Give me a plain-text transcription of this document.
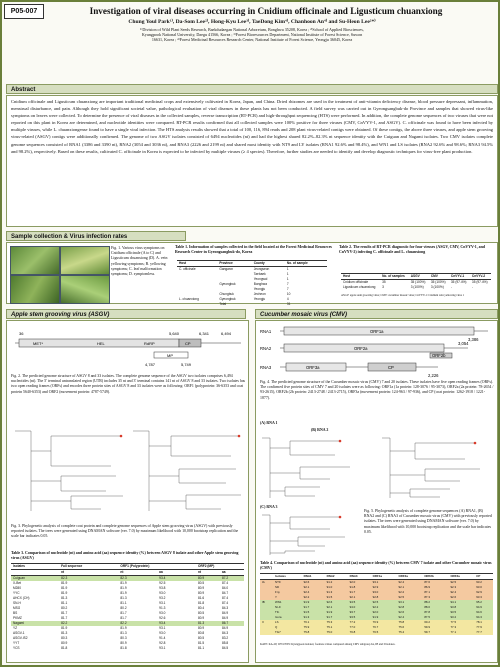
P05-007	Investigation of viral diseases occurring in Cnidium officinale and Ligusticum chuanxiong
Chung Youl Park¹⁾, Da-Som Lee²⁾, Hong-Kyu Lee³⁾, TaeDong Kim⁴⁾, Chanhoon An⁴⁾ and Su-Heon Lee²*⁾
¹⁾Division of Wild Plant Seeds Research, Baekdudaegan National Arboretum, Bonghwa 35208, Korea ; ²⁾School of Applied Biosciences,
Kyungpook National University, Daegu 41566, Korea ; ³⁾Forest Bioresources Department, National Institute of Forest Science, Suwon
16631, Korea ; ⁴⁾Forest Medicinal Resources Research Center, National Institute of Forest Science, Yeongju 36045, Korea
Abstract
Cnidium officinale and Ligusticum chuanxiong are important traditional medicinal crops and extensively cultivated in Korea, Japan, and China. Dried rhizomes are used in the treatment of anti-vitamin deficiency disease, blood pressure depressant, inflammation, menstrual disturbance, and pain. Although they hold significant societal value, pathological evaluation of viral diseases in these plants has not been conducted. A field survey was carried out in Gyeongsangbuk-do Province and samples that showed virus-like symptoms on leaves were collected. To determine the presence of viral diseases in the collected samples, reverse transcription (RT-PCR) and high-throughput sequencing (HTS) were performed. In addition, the complete genome sequences of two viruses that were not reported on this plant in Korea are determined, and nucleotide identities were compared. RT-PCR results confirmed that all collected samples were 100% positive for three viruses (CMV, CnVYV-1, and ASGV). C. officinale was found to have been infected by multiple viruses, while L. chuanxiongense found to have a single viral infection. The HTS analysis results showed that a total of 100, 116, 894 reads and 208 plant virus-related contigs were obtained. Of these contigs, the above three viruses, and apple stem grooving virus-related (ASGV) contigs were additionally confirmed. The genome of two ASGV isolates consisted of 6494 nucleotides (nt) and had the highest shared 82.2%–82.3% nt sequence identity with the Cuiguan and Nagami isolates. Two CMV isolates complete genome sequences consisted of RNA1 (3386 and 3390 nt), RNA2 (3054 and 3036 nt), and RNA3 (2226 and 2199 nt) and shared most identity with NT9 and LY isolates (RNA1 92.6% and 98.4%), and WN1 and LS isolates (RNA2 92.6% and 98.6%; RNA3 94.5% and 98.2%), respectively. Based on these results, cultivated C. officinale in Korea is expected to be infected by multiple viruses (≥ 4 species). Therefore, further studies are needed to identify and develop diagnostic techniques for virus-free plant production.
Sample collection & Virus infection rates
Fig. 1. Various virus symptoms on Cnidium officinale (A to C) and Ligusticum chuanxiong (D). A. vein yellowing symptoms; B. yellowing symptoms; C. leaf malformation symptoms; D. symptomless.
Table 1. Information of samples collected in the field located at the Forest Medicinal Resources Research Center in Gyeongsangbuk-do, Korea
Host	Province	County	No. of sample
C. officinale	Gangwon	Jeongseon	1
		Taebaek	1
		Yeongwol	1
	Gyeongbuk	Bonghwa	7
		Yeongju	7
	Chungbuk	Jecheon	10
L. chuanxiong	Gyeongbuk	Yeongju	4
	Total		31
Table 2. The results of RT-PCR diagnostic for four viruses (ASGV, CMV, CnVYV-1, and CnVYV-2) infecting C. officinale and L. chuanxiong
Host	No. of samples	ASGV	CMV	CnVYV-1	CnVYV-2
Cnidium officinale	35	35 (100%)	35 (100%)	35 (97.4%)	35 (97.4%)
Ligusticum chuanxiong	3	3 (100%)	3 (100%)	-	-
ASGV: apple stem grooving virus; CMV: cucumber mosaic virus; CnVYV-1: Cnidium vein yellowing virus 1
Apple stem grooving virus (ASGV)
36	5,640	6,494
6,341
MET*	HEL	RdRP	CP
MP
4,787	5,749
Fig. 2. The predicted genome structure of ASGV 8 and 33 isolates. The complete genome sequence of the ASGV two isolates comprises 6,494 nucleotides (nt). The 5′ terminal untranslated region (UTR) includes 35 nt and 3′ terminal contains 141 nt of ASGV 8 and 33 isolates. Two isolates has two open reading frames (ORFs) and encodes three protein sites of ASGV 8 and 33 isolates were as following: ORF1 (polyprotein: 36-6353 and coat protein 5640-6353) and ORF2 (movement protein: 4787-5749).
Fig. 3. Phylogenetic analysis of complete coat protein and complete genome sequences of Apple stem grooving virus (ASGV) with previously reported isolates. The trees were generated using DNAMAN software (ver. 7.0) by maximum likelihood with 10,000 bootstrap replication and the scale bar indicates 0.05.
Table 3. Comparison of nucleotide (nt) and amino acid (aa) sequence identity (%) between ASGV 8 isolate and other Apple stem grooving virus (ASGV)
Isolates	Full sequence	ORF1 (Polyprotein)		ORF2 (MP)	
	nt	nt	aa	nt	aa
Cuiguan	82.3	82.3	93.4	80.9	87.2
X-Bet	81.9	81.9	92.5	80.5	87.4
M280	81.9	81.9	93.8	80.9	84.0
YYC	81.9	81.9	93.0	80.9	84.7
AHCX (CH)	81.3	81.3	93.2	81.6	87.4
SN-H	81.1	81.1	93.1	81.8	87.4
MSG	80.2	80.2	91.3	80.4	84.3
BS	81.7	81.7	93.0	80.5	84.9
PKMZ	81.7	81.7	92.6	80.9	84.9
Nagami	82.2	82.2	93.4	81.3	86.7
YZ	81.9	81.9	93.1	80.9	84.9
ASGV-1	81.3	81.3	93.0	80.8	84.3
ASGV-IS2	80.3	80.3	91.4	80.5	83.2
YYT	80.9	80.9	92.8	81.5	85.8
YCS	81.8	81.8	93.1	81.1	84.5
Cucumber mosaic virus (CMV)
RNA1	ORF1a
3,386
RNA2	ORF2a
ORF2b
3,054
RNA3	ORF3a	CP
2,226
Fig. 4. The predicted genome structure of the Cucumber mosaic virus (CMV) 7 and 20 isolates. These isolates have five open reading frames (ORFs). The confirmed five protein sites of CMV 7 and 20 isolates were as following: ORF1a (1a protein: 128-3076 / 95-3073), ORF2a (2a protein: 78-2654 / 93-2615), ORF2b (2b protein: 2413-2748 / 2413-2715), ORF3a (movement protein: 124-963 / 97-936), and CP (coat protein: 1262-1918 / 1221-1877).
(A) RNA 1
(B) RNA 2
(C) RNA 3
Fig. 5. Phylogenetic analysis of complete genome sequences (A) RNA1, (B) RNA2 and (C) RNA3 of Cucumber mosaic virus (CMV) with previously reported isolates. The trees were generated using DNAMAN software (ver. 7.0) by maximum likelihood with 10,000 bootstrap replication and the scale bar indicates 0.05.
Table 4. Comparison of nucleotide (nt) and amino acid (aa) sequence identity (%) between CMV 7 isolate and other Cucumber mosaic virus (CMV)
	Isolates	RNA1	RNA2	RNA3	ORF1a	ORF2a	ORF2b	ORF3a	CP
IA	NT9	92.6	91.2	92.0	93.1	92.4	87.6	92.5	93.2
	SD	92.1	91.0	91.8	92.9	92.1	86.9	92.3	93.0
	Fny	92.4	91.3	91.7	93.0	92.2	87.1	92.4	92.9
	Y	92.2	91.5	92.1	92.8	92.5	87.3	92.6	93.3
IB	WN1	91.9	92.6	94.5	92.5	93.1	88.2	94.1	95.2
	Nt-9	91.7	92.1	94.0	92.2	92.8	88.0	93.8	94.9
	Tfn	91.5	91.9	93.7	92.0	92.6	87.8	93.5	94.6
	Ixora	91.3	91.7	93.5	91.9	92.4	87.5	93.2	94.3
II	LS	76.1	75.3	77.2	76.9	75.8	60.2	77.5	78.1
	Q	75.9	75.1	77.0	76.7	75.6	59.9	77.3	77.9
	Trk7	75.8	75.0	76.8	76.5	75.4	59.7	77.1	77.7
KATE: KA-29; WN1/NT9: Kyungpook isolates; footnote values compared among CMV subgroup IA, IB and II isolates.
